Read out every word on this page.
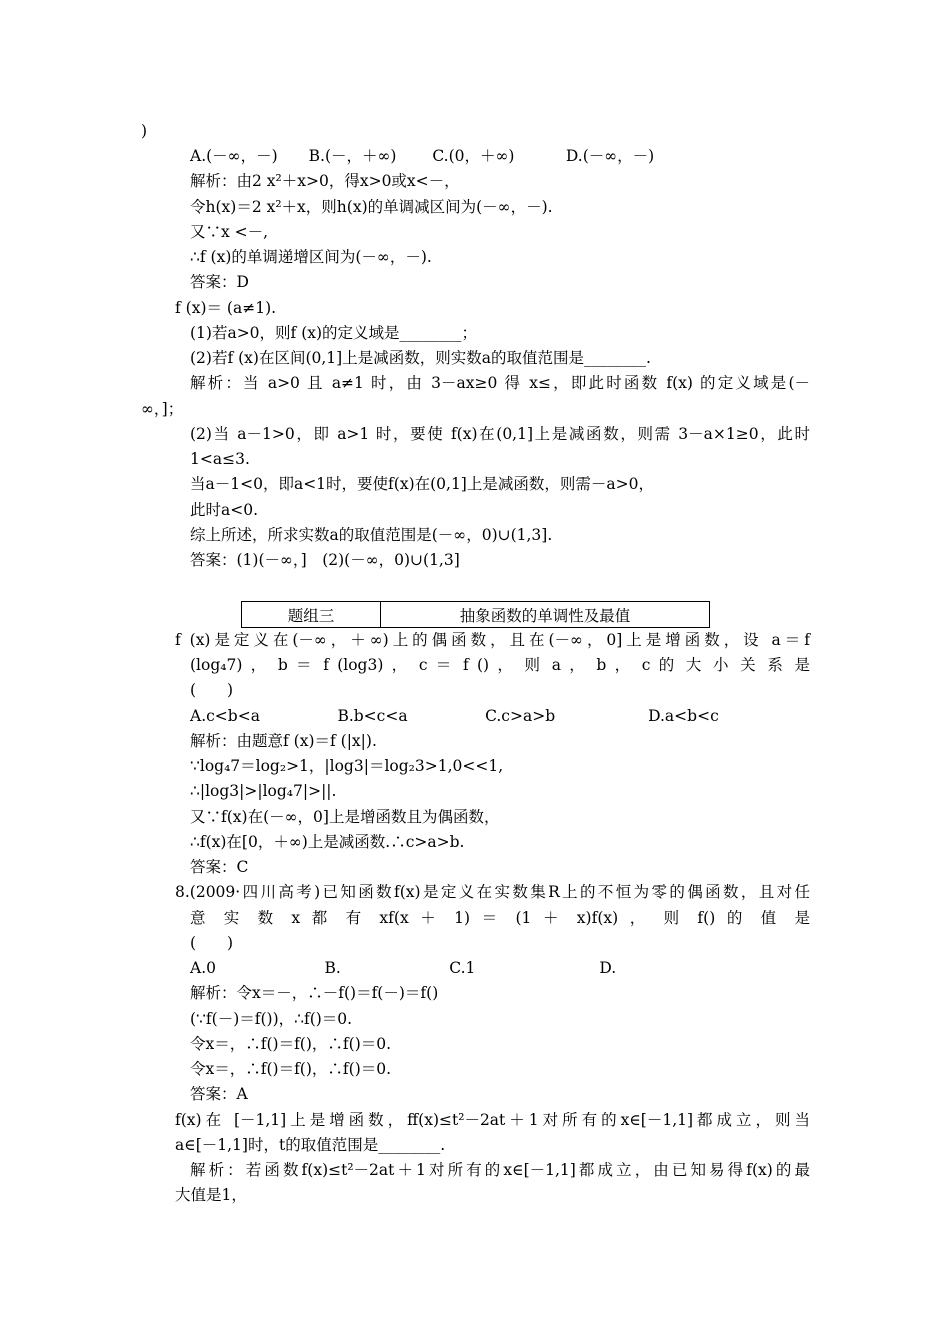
)
A.(－∞，－)　　B.(－，＋∞)　　 C.(0，＋∞)　　　 D.(－∞，－)
解析：由2 x²＋x>0，得x>0或x<－，
令h(x)＝2 x²＋x，则h(x)的单调减区间为(－∞，－).
又∵x <－,
∴f (x)的单调递增区间为(－∞，－).
答案：D
f (x)＝ (a≠1).
(1)若a>0，则f (x)的定义域是________；
(2)若f (x)在区间(0,1]上是减函数，则实数a的取值范围是________.
解析：当 a>0 且 a≠1 时，由 3－ax≥0 得 x≤，即此时函数 f(x) 的定义域是(－
∞，]；
(2)当 a－1>0，即 a>1 时，要使 f(x)在(0,1]上是减函数，则需 3－a×1≥0，此时
1<a≤3.
当a－1<0，即a<1时，要使f(x)在(0,1]上是减函数，则需－a>0，
此时a<0.
综上所述，所求实数a的取值范围是(－∞，0)∪(1,3].
答案：(1)(－∞，]　(2)(－∞，0)∪(1,3]
题组三	抽象函数的单调性及最值
f (x)是定义在(－∞，＋∞)上的偶函数，且在(－∞，0]上是增函数，设 a＝f
(log₄7) ， b ＝ f (log3) ， c ＝ f () ， 则 a ， b ， c 的 大 小 关 系 是
(　　)
A.c<b<a　　　　　B.b<c<a　　　　　C.c>a>b　　　　　　D.a<b<c
解析：由题意f (x)＝f (|x|).
∵log₄7＝log₂>1，|log3|＝log₂3>1,0<<1,
∴|log3|>|log₄7|>||.
又∵f(x)在(－∞，0]上是增函数且为偶函数，
∴f(x)在[0，＋∞)上是减函数.∴c>a>b.
答案：C
8.(2009·四川高考)已知函数f(x)是定义在实数集R上的不恒为零的偶函数，且对任
意 实 数 x 都 有 xf(x ＋ 1) ＝ (1 ＋ x)f(x) ， 则 f() 的 值 是
(　　)
A.0　　　　　　　B.　　　　　　　C.1　　　　　　　　D.
解析：令x＝－，∴－f()＝f(－)＝f()
(∵f(－)＝f())，∴f()＝0.
令x＝，∴f()＝f()，∴f()＝0.
令x＝，∴f()＝f()，∴f()＝0.
答案：A
f(x)在 [－1,1]上是增函数，ff(x)≤t²－2at＋1对所有的x∈[－1,1]都成立，则当
a∈[－1,1]时，t的取值范围是________.
解析：若函数f(x)≤t²－2at＋1对所有的x∈[－1,1]都成立，由已知易得f(x)的最
大值是1，
